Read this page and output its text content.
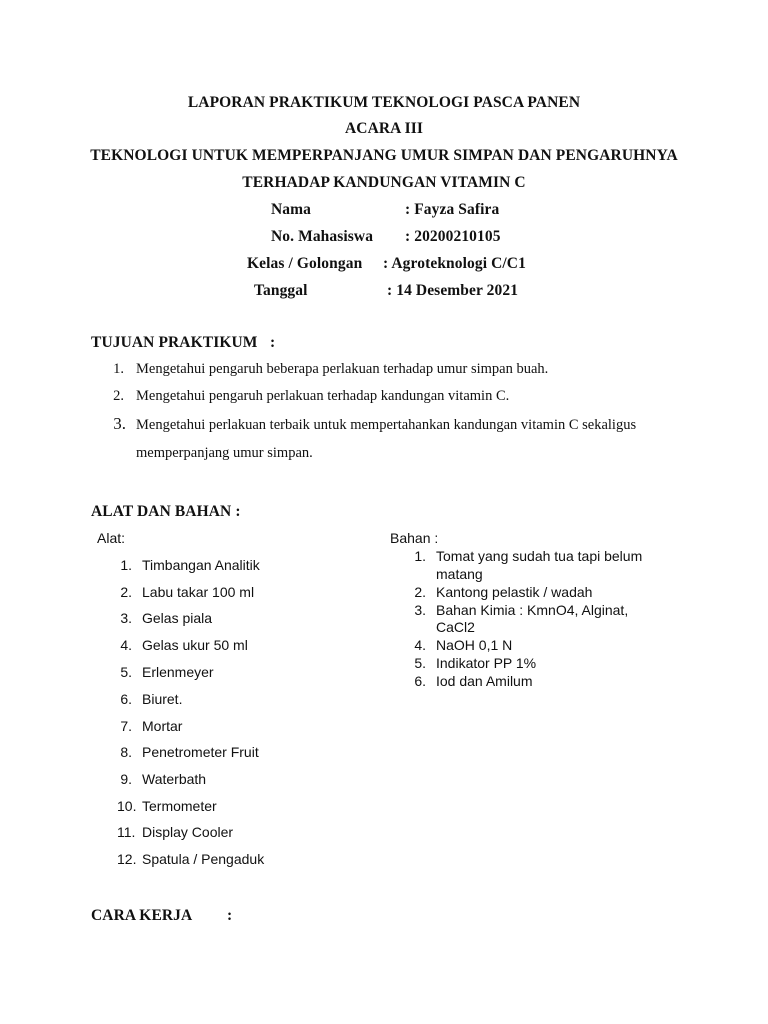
LAPORAN PRAKTIKUM TEKNOLOGI PASCA PANEN
ACARA III
TEKNOLOGI UNTUK MEMPERPANJANG UMUR SIMPAN DAN PENGARUHNYA
TERHADAP KANDUNGAN VITAMIN C
Nama	: Fayza Safira
No. Mahasiswa : 20200210105
Kelas / Golongan : Agroteknologi C/C1
Tanggal	: 14 Desember 2021
TUJUAN PRAKTIKUM :
1. Mengetahui pengaruh beberapa perlakuan terhadap umur simpan buah.
2. Mengetahui pengaruh perlakuan terhadap kandungan vitamin C.
3. Mengetahui perlakuan terbaik untuk mempertahankan kandungan vitamin C sekaligus
memperpanjang umur simpan.
ALAT DAN BAHAN :
Alat:
1. Timbangan Analitik
2. Labu takar 100 ml
3. Gelas piala
4. Gelas ukur 50 ml
5. Erlenmeyer
6. Biuret.
7. Mortar
8. Penetrometer Fruit
9. Waterbath
10. Termometer
11. Display Cooler
12. Spatula / Pengaduk
Bahan :
1. Tomat yang sudah tua tapi belum
matang
2. Kantong pelastik / wadah
3. Bahan Kimia : KmnO4, Alginat,
CaCl2
4. NaOH 0,1 N
5. Indikator PP 1%
6. Iod dan Amilum
CARA KERJA :
